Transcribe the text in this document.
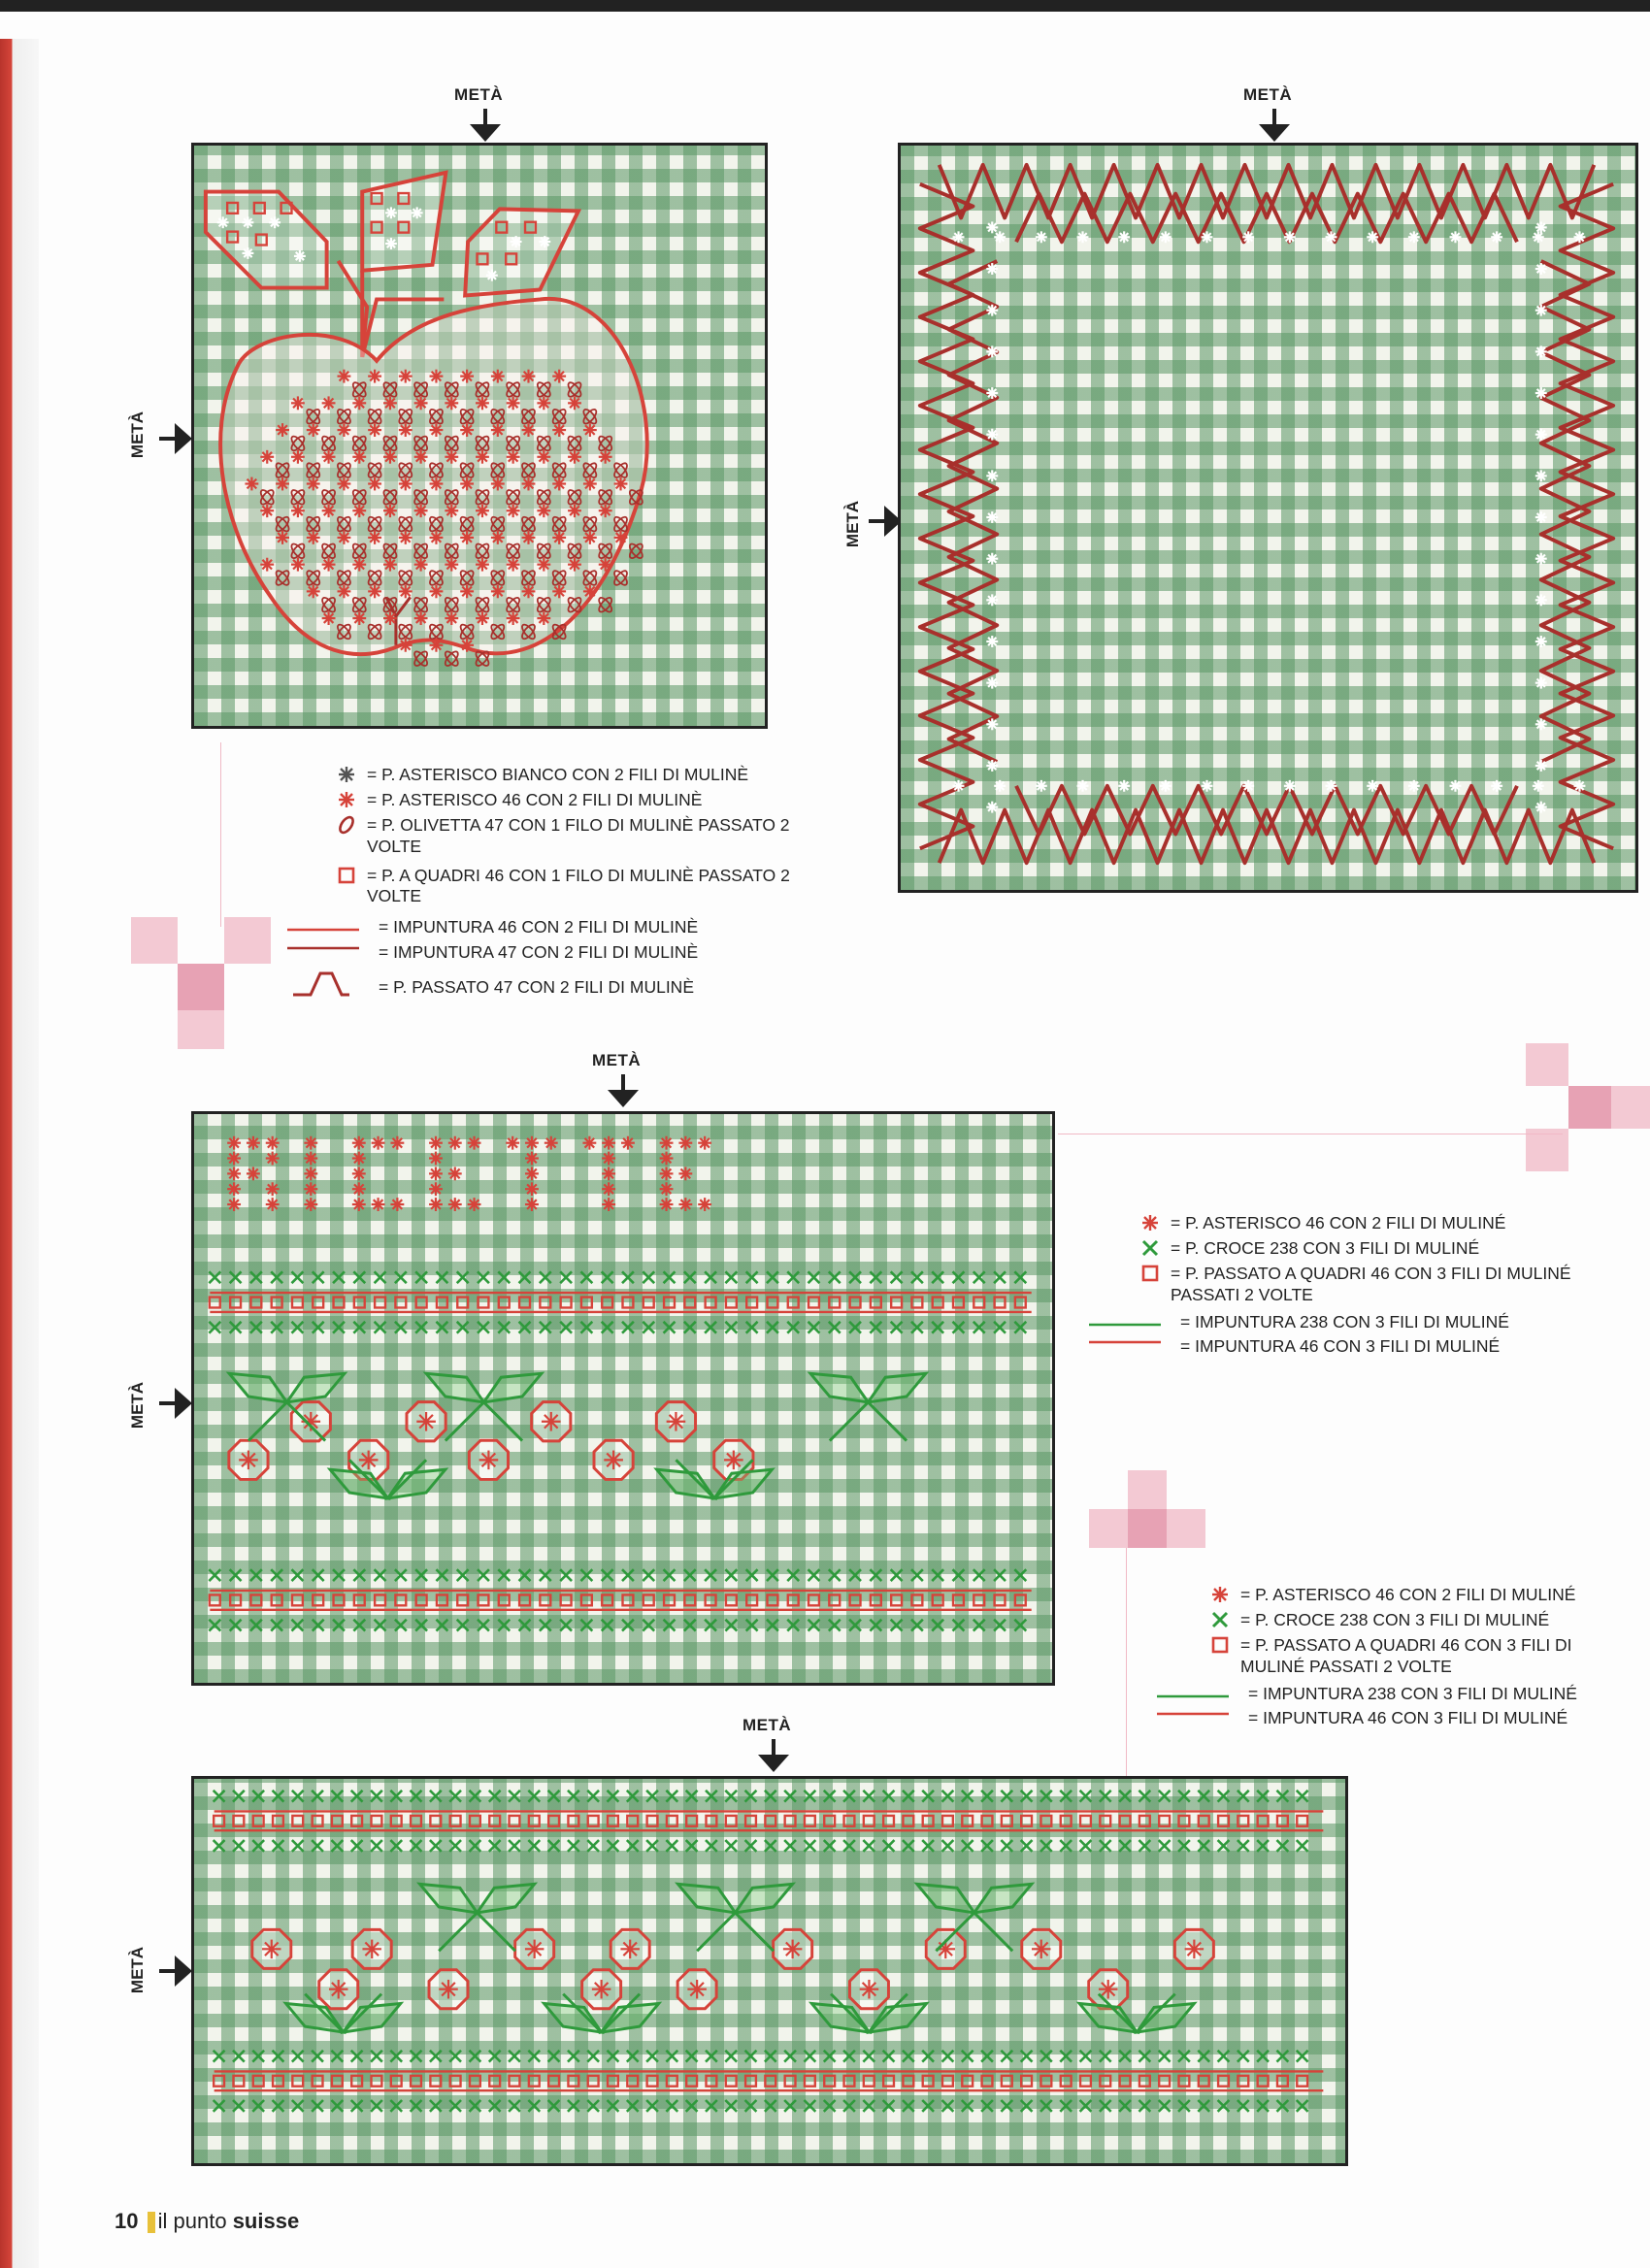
METÀ
METÀ
METÀ
METÀ
= P. ASTERISCO BIANCO CON 2 FILI DI MULINÈ
= P. ASTERISCO 46 CON 2 FILI DI MULINÈ
= P. OLIVETTA 47 CON 1 FILO DI MULINÈ PASSATO 2 VOLTE
= P. A QUADRI 46 CON 1 FILO DI MULINÈ PASSATO 2 VOLTE
= IMPUNTURA 46 CON 2 FILI DI MULINÈ
= IMPUNTURA 47 CON 2 FILI DI MULINÈ
= P. PASSATO 47 CON 2 FILI DI MULINÈ
METÀ
METÀ
= P. ASTERISCO 46 CON 2 FILI DI MULINÉ
= P. CROCE 238 CON 3 FILI DI MULINÉ
= P. PASSATO A QUADRI 46 CON 3 FILI DI MULINÉ PASSATI 2 VOLTE
= IMPUNTURA 238 CON 3 FILI DI MULINÉ
= IMPUNTURA 46 CON 3 FILI DI MULINÉ
= P. ASTERISCO 46 CON 2 FILI DI MULINÉ
= P. CROCE 238 CON 3 FILI DI MULINÉ
= P. PASSATO A QUADRI 46 CON 3 FILI DI MULINÉ PASSATI 2 VOLTE
= IMPUNTURA 238 CON 3 FILI DI MULINÉ
= IMPUNTURA 46 CON 3 FILI DI MULINÉ
METÀ
METÀ
10 il punto suisse
